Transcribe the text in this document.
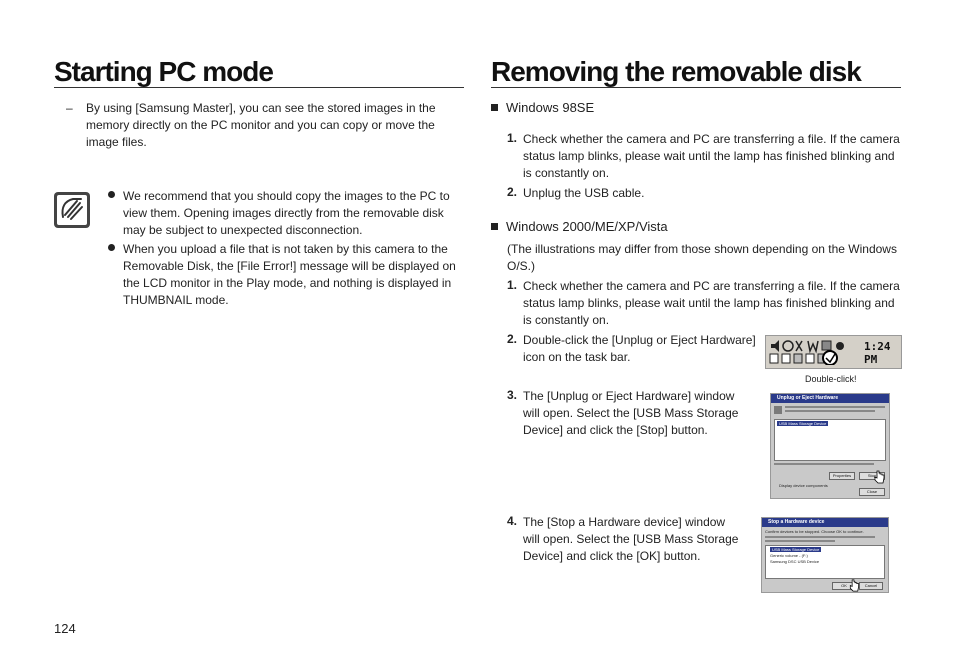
Starting PC mode
– By using [Samsung Master], you can see the stored images in the
memory directly on the PC monitor and you can copy or move the
image files.
We recommend that you should copy the images to the PC to
view them. Opening images directly from the removable disk
may be subject to unexpected disconnection.
When you upload a file that is not taken by this camera to the
Removable Disk, the [File Error!] message will be displayed on
the LCD monitor in the Play mode, and nothing is displayed in
THUMBNAIL mode.
Removing the removable disk
Windows 98SE
1. Check whether the camera and PC are transferring a file. If the camera
status lamp blinks, please wait until the lamp has finished blinking and
is constantly on.
2. Unplug the USB cable.
Windows 2000/ME/XP/Vista
(The illustrations may differ from those shown depending on the Windows
O/S.)
1. Check whether the camera and PC are transferring a file. If the camera
status lamp blinks, please wait until the lamp has finished blinking and
is constantly on.
2. Double-click the [Unplug or Eject Hardware]
icon on the task bar.
3. The [Unplug or Eject Hardware] window
will open. Select the [USB Mass Storage
Device] and click the [Stop] button.
4. The [Stop a Hardware device] window
will open. Select the [USB Mass Storage
Device] and click the [OK] button.
1:24 PM
Double-click!
Unplug or Eject Hardware
USB Mass Storage Device
Properties	Stop
Display device components
Close
Stop a Hardware device
Confirm devices to be stopped. Choose OK to continue.
USB Mass Storage Device
Generic volume - (F:)
Samsung DSC USB Device
OK	Cancel
124
